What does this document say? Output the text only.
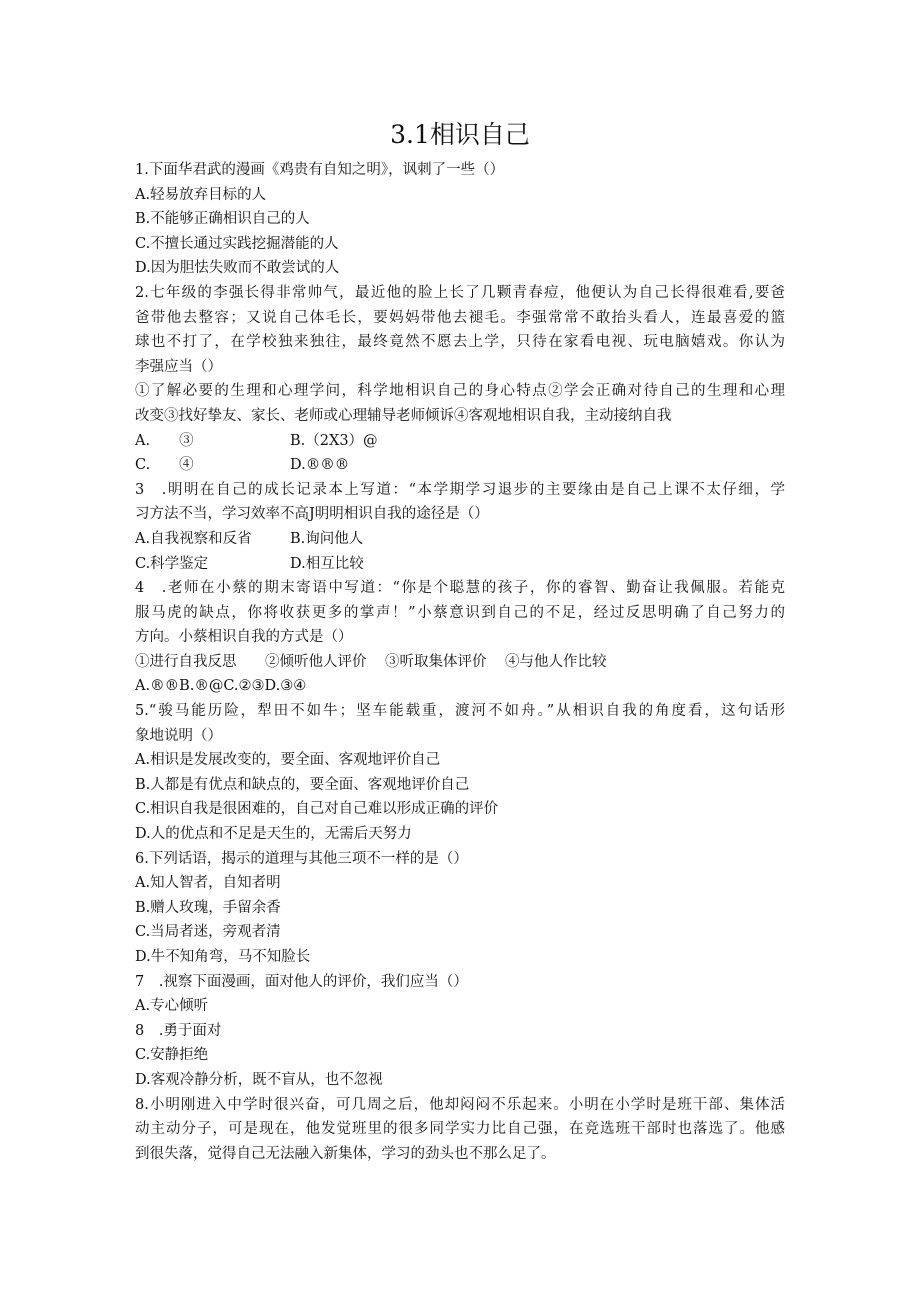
3.1相识自己
1.下面华君武的漫画《鸡贵有自知之明》，讽刺了一些（）
A.轻易放弃目标的人
B.不能够正确相识自己的人
C.不擅长通过实践挖掘潜能的人
D.因为胆怯失败而不敢尝试的人
2.七年级的李强长得非常帅气，最近他的脸上长了几颗青春痘，他便认为自己长得很难看,要爸
爸带他去整容；又说自己体毛长，要妈妈带他去褪毛。李强常常不敢抬头看人，连最喜爱的篮
球也不打了，在学校独来独往，最终竟然不愿去上学，只待在家看电视、玩电脑嬉戏。你认为
李强应当（）
①了解必要的生理和心理学问，科学地相识自己的身心特点②学会正确对待自己的生理和心理
改变③找好挚友、家长、老师或心理辅导老师倾诉④客观地相识自我，主动接纳自我
A.　　③	B.（2X3）@
C.　　④	D.®®®
3　.明明在自己的成长记录本上写道：“本学期学习退步的主要缘由是自己上课不太仔细，学
习方法不当，学习效率不高J明明相识自我的途径是（）
A.自我视察和反省	B.询问他人
C.科学鉴定	D.相互比较
4　.老师在小蔡的期末寄语中写道：“你是个聪慧的孩子，你的睿智、勤奋让我佩服。若能克
服马虎的缺点，你将收获更多的掌声！”小蔡意识到自己的不足，经过反思明确了自己努力的
方向。小蔡相识自我的方式是（）
①进行自我反思 ②倾听他人评价 ③听取集体评价 ④与他人作比较
A.®®B.®@C.②③D.③④
5.“骏马能历险，犁田不如牛；坚车能载重，渡河不如舟。”从相识自我的角度看，这句话形
象地说明（）
A.相识是发展改变的，要全面、客观地评价自己
B.人都是有优点和缺点的，要全面、客观地评价自己
C.相识自我是很困难的，自己对自己难以形成正确的评价
D.人的优点和不足是天生的，无需后天努力
6.下列话语，揭示的道理与其他三项不一样的是（）
A.知人智者，自知者明
B.赠人玫瑰，手留余香
C.当局者迷，旁观者清
D.牛不知角弯，马不知脸长
7　.视察下面漫画，面对他人的评价，我们应当（）
A.专心倾听
8　.勇于面对
C.安静拒绝
D.客观冷静分析，既不盲从，也不忽视
8.小明刚进入中学时很兴奋，可几周之后，他却闷闷不乐起来。小明在小学时是班干部、集体活
动主动分子，可是现在，他发觉班里的很多同学实力比自己强，在竞选班干部时也落选了。他感
到很失落，觉得自己无法融入新集体，学习的劲头也不那么足了。
